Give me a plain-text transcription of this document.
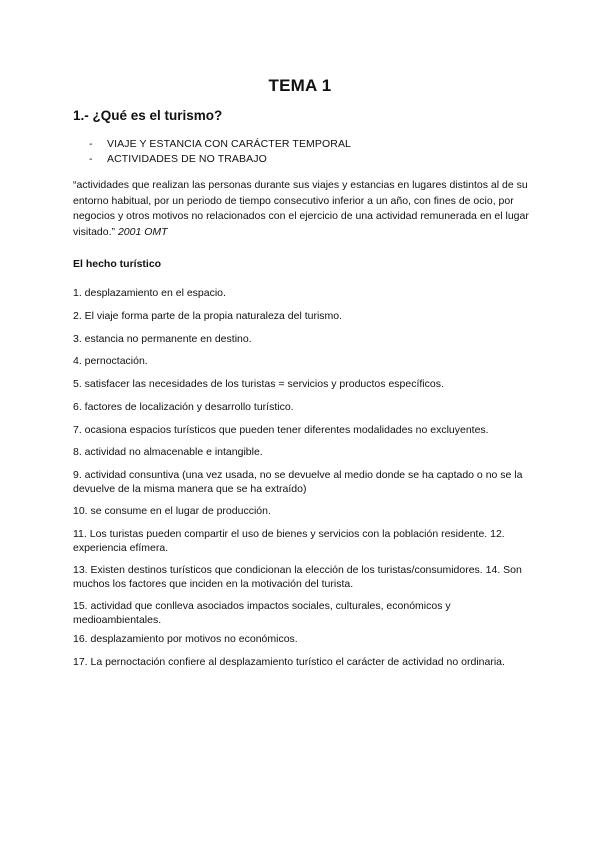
TEMA 1
1.- ¿Qué es el turismo?
- VIAJE Y ESTANCIA CON CARÁCTER TEMPORAL
- ACTIVIDADES DE NO TRABAJO

“actividades que realizan las personas durante sus viajes y estancias en lugares distintos al de su entorno habitual, por un periodo de tiempo consecutivo inferior a un año, con fines de ocio, por negocios y otros motivos no relacionados con el ejercicio de una actividad remunerada en el lugar visitado.” 2001 OMT

El hecho turístico

1. desplazamiento en el espacio.

2. El viaje forma parte de la propia naturaleza del turismo.

3. estancia no permanente en destino.

4. pernoctación.

5. satisfacer las necesidades de los turistas = servicios y productos específicos.

6. factores de localización y desarrollo turístico.

7. ocasiona espacios turísticos que pueden tener diferentes modalidades no excluyentes.

8. actividad no almacenable e intangible.

9. actividad consuntiva (una vez usada, no se devuelve al medio donde se ha captado o no se la devuelve de la misma manera que se ha extraído)

10. se consume en el lugar de producción.

11. Los turistas pueden compartir el uso de bienes y servicios con la población residente. 12. experiencia efímera.

13. Existen destinos turísticos que condicionan la elección de los turistas/consumidores. 14. Son muchos los factores que inciden en la motivación del turista.

15. actividad que conlleva asociados impactos sociales, culturales, económicos y medioambientales.

16. desplazamiento por motivos no económicos.

17. La pernoctación confiere al desplazamiento turístico el carácter de actividad no ordinaria.
